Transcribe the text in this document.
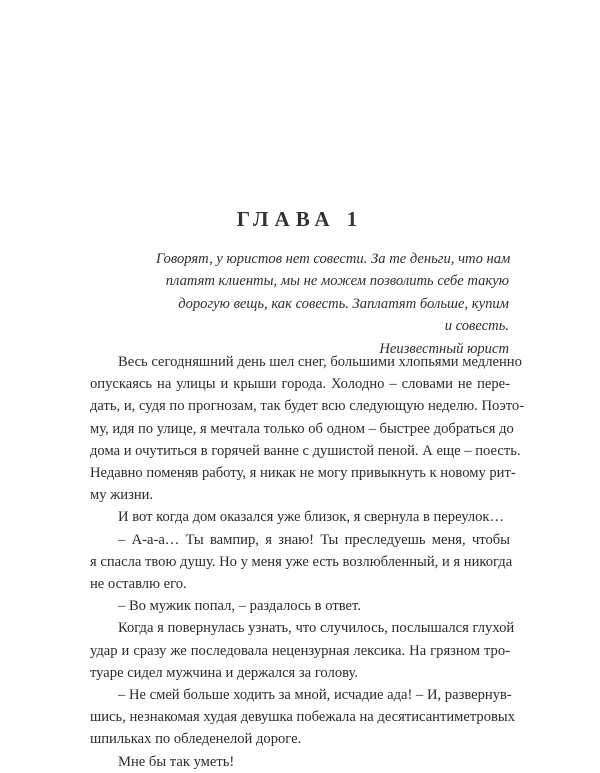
ГЛАВА 1
Говорят, у юристов нет совести. За те деньги, что нам
платят клиенты, мы не можем позволить себе такую
дорогую вещь, как совесть. Заплатят больше, купим
и совесть.
Неизвестный юрист
Весь сегодняшний день шел снег, большими хлопьями медленно
опускаясь на улицы и крыши города. Холодно – словами не пере-
дать, и, судя по прогнозам, так будет всю следующую неделю. Поэто-
му, идя по улице, я мечтала только об одном – быстрее добраться до
дома и очутиться в горячей ванне с душистой пеной. А еще – поесть.
Недавно поменяв работу, я никак не могу привыкнуть к новому рит-
му жизни.
И вот когда дом оказался уже близок, я свернула в переулок…
– А-а-а… Ты вампир, я знаю! Ты преследуешь меня, чтобы
я спасла твою душу. Но у меня уже есть возлюбленный, и я никогда
не оставлю его.
– Во мужик попал, – раздалось в ответ.
Когда я повернулась узнать, что случилось, послышался глухой
удар и сразу же последовала нецензурная лексика. На грязном тро-
туаре сидел мужчина и держался за голову.
– Не смей больше ходить за мной, исчадие ада! – И, развернув-
шись, незнакомая худая девушка побежала на десятисантиметровых
шпильках по обледенелой дороге.
Мне бы так уметь!
